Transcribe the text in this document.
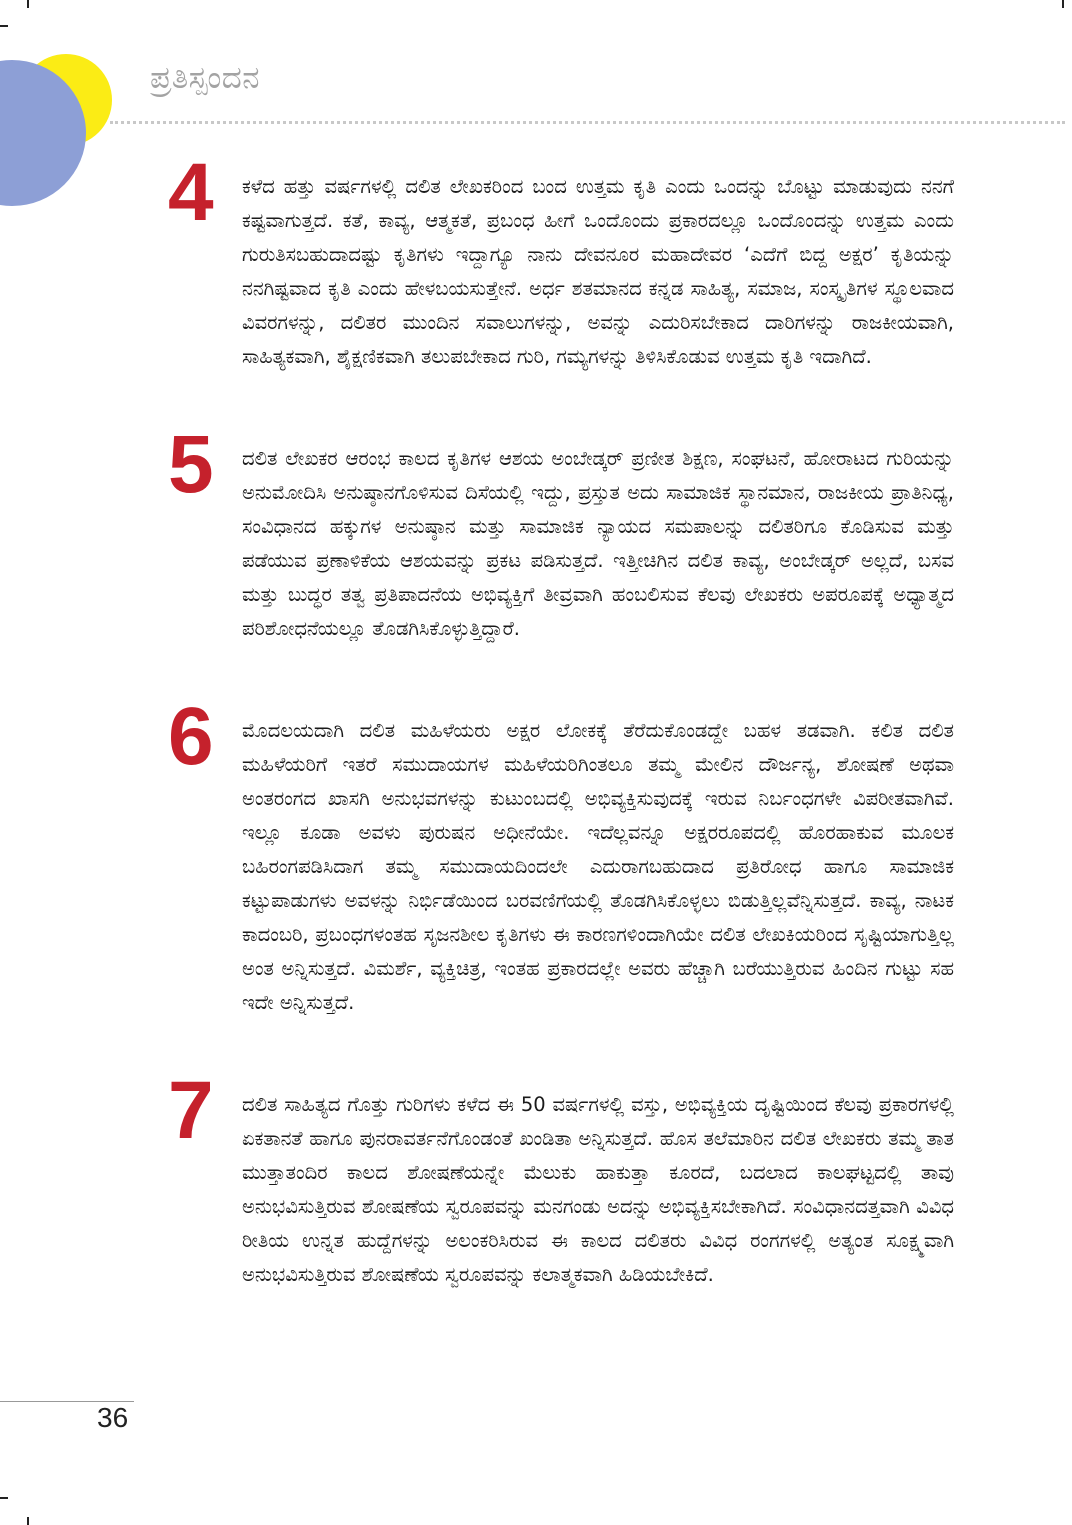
ಪ್ರತಿಸ್ಪಂದನ
4	ಕಳೆದ ಹತ್ತು ವರ್ಷಗಳಲ್ಲಿ ದಲಿತ ಲೇಖಕರಿಂದ ಬಂದ ಉತ್ತಮ ಕೃತಿ ಎಂದು ಒಂದನ್ನು ಬೊಟ್ಟು ಮಾಡುವುದು ನನಗೆ ಕಷ್ಟವಾಗುತ್ತದೆ. ಕತೆ, ಕಾವ್ಯ, ಆತ್ಮಕತೆ, ಪ್ರಬಂಧ ಹೀಗೆ ಒಂದೊಂದು ಪ್ರಕಾರದಲ್ಲೂ ಒಂದೊಂದನ್ನು ಉತ್ತಮ ಎಂದು ಗುರುತಿಸಬಹುದಾದಷ್ಟು ಕೃತಿಗಳು ಇದ್ದಾಗ್ಯೂ ನಾನು ದೇವನೂರ ಮಹಾದೇವರ ‘ಎದೆಗೆ ಬಿದ್ದ ಅಕ್ಷರ’ ಕೃತಿಯನ್ನು ನನಗಿಷ್ಟವಾದ ಕೃತಿ ಎಂದು ಹೇಳಬಯಸುತ್ತೇನೆ. ಅರ್ಧ ಶತಮಾನದ ಕನ್ನಡ ಸಾಹಿತ್ಯ, ಸಮಾಜ, ಸಂಸ್ಕೃತಿಗಳ ಸ್ಥೂಲವಾದ ವಿವರಗಳನ್ನು, ದಲಿತರ ಮುಂದಿನ ಸವಾಲುಗಳನ್ನು, ಅವನ್ನು ಎದುರಿಸಬೇಕಾದ ದಾರಿಗಳನ್ನು ರಾಜಕೀಯವಾಗಿ, ಸಾಹಿತ್ಯಕವಾಗಿ, ಶೈಕ್ಷಣಿಕವಾಗಿ ತಲುಪಬೇಕಾದ ಗುರಿ, ಗಮ್ಯಗಳನ್ನು ತಿಳಿಸಿಕೊಡುವ ಉತ್ತಮ ಕೃತಿ ಇದಾಗಿದೆ.

5	ದಲಿತ ಲೇಖಕರ ಆರಂಭ ಕಾಲದ ಕೃತಿಗಳ ಆಶಯ ಅಂಬೇಡ್ಕರ್ ಪ್ರಣೀತ ಶಿಕ್ಷಣ, ಸಂಘಟನೆ, ಹೋರಾಟದ ಗುರಿಯನ್ನು ಅನುಮೋದಿಸಿ ಅನುಷ್ಠಾನಗೊಳಿಸುವ ದಿಸೆಯಲ್ಲಿ ಇದ್ದು, ಪ್ರಸ್ತುತ ಅದು ಸಾಮಾಜಿಕ ಸ್ಥಾನಮಾನ, ರಾಜಕೀಯ ಪ್ರಾತಿನಿಧ್ಯ, ಸಂವಿಧಾನದ ಹಕ್ಕುಗಳ ಅನುಷ್ಠಾನ ಮತ್ತು ಸಾಮಾಜಿಕ ನ್ಯಾಯದ ಸಮಪಾಲನ್ನು ದಲಿತರಿಗೂ ಕೊಡಿಸುವ ಮತ್ತು ಪಡೆಯುವ ಪ್ರಣಾಳಿಕೆಯ ಆಶಯವನ್ನು ಪ್ರಕಟ ಪಡಿಸುತ್ತದೆ. ಇತ್ತೀಚಿಗಿನ ದಲಿತ ಕಾವ್ಯ, ಅಂಬೇಡ್ಕರ್ ಅಲ್ಲದೆ, ಬಸವ ಮತ್ತು ಬುದ್ಧರ ತತ್ವ ಪ್ರತಿಪಾದನೆಯ ಅಭಿವ್ಯಕ್ತಿಗೆ ತೀವ್ರವಾಗಿ ಹಂಬಲಿಸುವ ಕೆಲವು ಲೇಖಕರು ಅಪರೂಪಕ್ಕೆ ಅಧ್ಯಾತ್ಮದ ಪರಿಶೋಧನೆಯಲ್ಲೂ ತೊಡಗಿಸಿಕೊಳ್ಳುತ್ತಿದ್ದಾರೆ.

6	ಮೊದಲಯದಾಗಿ ದಲಿತ ಮಹಿಳೆಯರು ಅಕ್ಷರ ಲೋಕಕ್ಕೆ ತೆರೆದುಕೊಂಡದ್ದೇ ಬಹಳ ತಡವಾಗಿ. ಕಲಿತ ದಲಿತ ಮಹಿಳೆಯರಿಗೆ ಇತರೆ ಸಮುದಾಯಗಳ ಮಹಿಳೆಯರಿಗಿಂತಲೂ ತಮ್ಮ ಮೇಲಿನ ದೌರ್ಜನ್ಯ, ಶೋಷಣೆ ಅಥವಾ ಅಂತರಂಗದ ಖಾಸಗಿ ಅನುಭವಗಳನ್ನು ಕುಟುಂಬದಲ್ಲಿ ಅಭಿವ್ಯಕ್ತಿಸುವುದಕ್ಕೆ ಇರುವ ನಿರ್ಬಂಧಗಳೇ ವಿಪರೀತವಾಗಿವೆ. ಇಲ್ಲೂ ಕೂಡಾ ಅವಳು ಪುರುಷನ ಅಧೀನೆಯೇ. ಇದೆಲ್ಲವನ್ನೂ ಅಕ್ಷರರೂಪದಲ್ಲಿ ಹೊರಹಾಕುವ ಮೂಲಕ ಬಹಿರಂಗಪಡಿಸಿದಾಗ ತಮ್ಮ ಸಮುದಾಯದಿಂದಲೇ ಎದುರಾಗಬಹುದಾದ ಪ್ರತಿರೋಧ ಹಾಗೂ ಸಾಮಾಜಿಕ ಕಟ್ಟುಪಾಡುಗಳು ಅವಳನ್ನು ನಿರ್ಭಿಡೆಯಿಂದ ಬರವಣಿಗೆಯಲ್ಲಿ ತೊಡಗಿಸಿಕೊಳ್ಳಲು ಬಿಡುತ್ತಿಲ್ಲವೆನ್ನಿಸುತ್ತದೆ. ಕಾವ್ಯ, ನಾಟಕ ಕಾದಂಬರಿ, ಪ್ರಬಂಧಗಳಂತಹ ಸೃಜನಶೀಲ ಕೃತಿಗಳು ಈ ಕಾರಣಗಳಿಂದಾಗಿಯೇ ದಲಿತ ಲೇಖಕಿಯರಿಂದ ಸೃಷ್ಟಿಯಾಗುತ್ತಿಲ್ಲ ಅಂತ ಅನ್ನಿಸುತ್ತದೆ. ವಿಮರ್ಶೆ, ವ್ಯಕ್ತಿಚಿತ್ರ, ಇಂತಹ ಪ್ರಕಾರದಲ್ಲೇ ಅವರು ಹೆಚ್ಚಾಗಿ ಬರೆಯುತ್ತಿರುವ ಹಿಂದಿನ ಗುಟ್ಟು ಸಹ ಇದೇ ಅನ್ನಿಸುತ್ತದೆ.

7	ದಲಿತ ಸಾಹಿತ್ಯದ ಗೊತ್ತು ಗುರಿಗಳು ಕಳೆದ ಈ 50 ವರ್ಷಗಳಲ್ಲಿ ವಸ್ತು, ಅಭಿವ್ಯಕ್ತಿಯ ದೃಷ್ಟಿಯಿಂದ ಕೆಲವು ಪ್ರಕಾರಗಳಲ್ಲಿ ಏಕತಾನತೆ ಹಾಗೂ ಪುನರಾವರ್ತನೆಗೊಂಡಂತೆ ಖಂಡಿತಾ ಅನ್ನಿಸುತ್ತದೆ. ಹೊಸ ತಲೆಮಾರಿನ ದಲಿತ ಲೇಖಕರು ತಮ್ಮ ತಾತ ಮುತ್ತಾತಂದಿರ ಕಾಲದ ಶೋಷಣೆಯನ್ನೇ ಮೆಲುಕು ಹಾಕುತ್ತಾ ಕೂರದೆ, ಬದಲಾದ ಕಾಲಘಟ್ಟದಲ್ಲಿ ತಾವು ಅನುಭವಿಸುತ್ತಿರುವ ಶೋಷಣೆಯ ಸ್ವರೂಪವನ್ನು ಮನಗಂಡು ಅದನ್ನು ಅಭಿವ್ಯಕ್ತಿಸಬೇಕಾಗಿದೆ. ಸಂವಿಧಾನದತ್ತವಾಗಿ ವಿವಿಧ ರೀತಿಯ ಉನ್ನತ ಹುದ್ದೆಗಳನ್ನು ಅಲಂಕರಿಸಿರುವ ಈ ಕಾಲದ ದಲಿತರು ವಿವಿಧ ರಂಗಗಳಲ್ಲಿ ಅತ್ಯಂತ ಸೂಕ್ಷ್ಮವಾಗಿ ಅನುಭವಿಸುತ್ತಿರುವ ಶೋಷಣೆಯ ಸ್ವರೂಪವನ್ನು ಕಲಾತ್ಮಕವಾಗಿ ಹಿಡಿಯಬೇಕಿದೆ.

36
